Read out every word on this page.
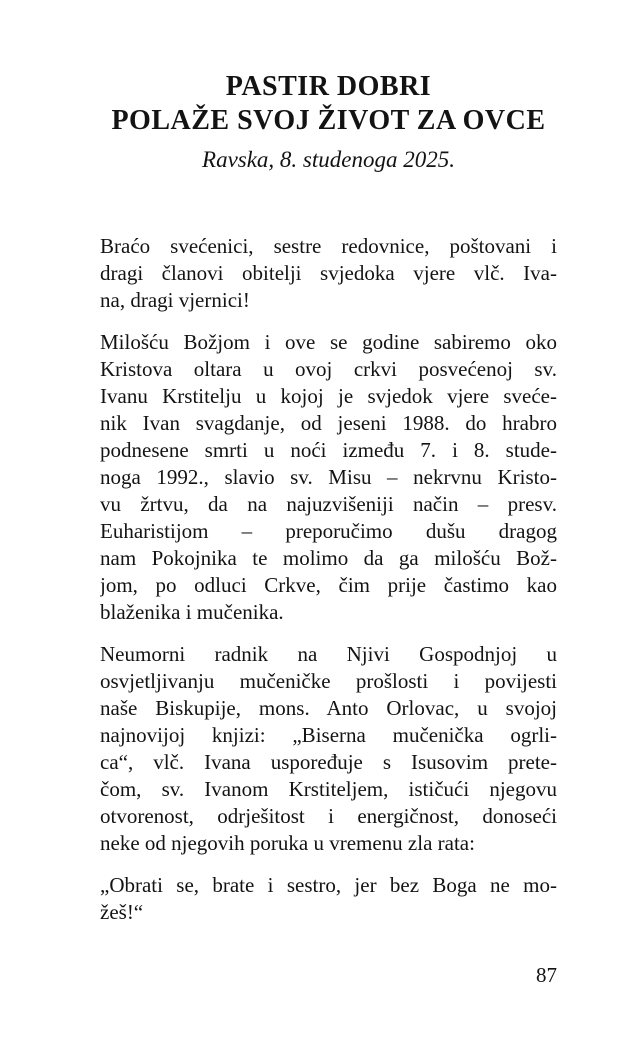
PASTIR DOBRI
POLAŽE SVOJ ŽIVOT ZA OVCE
Ravska, 8. studenoga 2025.
Braćo svećenici, sestre redovnice, poštovani i
dragi članovi obitelji svjedoka vjere vlč. Iva-
na, dragi vjernici!
Milošću Božjom i ove se godine sabiremo oko
Kristova oltara u ovoj crkvi posvećenoj sv.
Ivanu Krstitelju u kojoj je svjedok vjere sveće-
nik Ivan svagdanje, od jeseni 1988. do hrabro
podnesene smrti u noći između 7. i 8. stude-
noga 1992., slavio sv. Misu – nekrvnu Kristo-
vu žrtvu, da na najuzvišeniji način – presv.
Euharistijom – preporučimo dušu dragog
nam Pokojnika te molimo da ga milošću Bož-
jom, po odluci Crkve, čim prije častimo kao
blaženika i mučenika.
Neumorni radnik na Njivi Gospodnjoj u
osvjetljivanju mučeničke prošlosti i povijesti
naše Biskupije, mons. Anto Orlovac, u svojoj
najnovijoj knjizi: „Biserna mučenička ogrli-
ca“, vlč. Ivana uspoređuje s Isusovim prete-
čom, sv. Ivanom Krstiteljem, ističući njegovu
otvorenost, odrješitost i energičnost, donoseći
neke od njegovih poruka u vremenu zla rata:
„Obrati se, brate i sestro, jer bez Boga ne mo-
žeš!“
87
